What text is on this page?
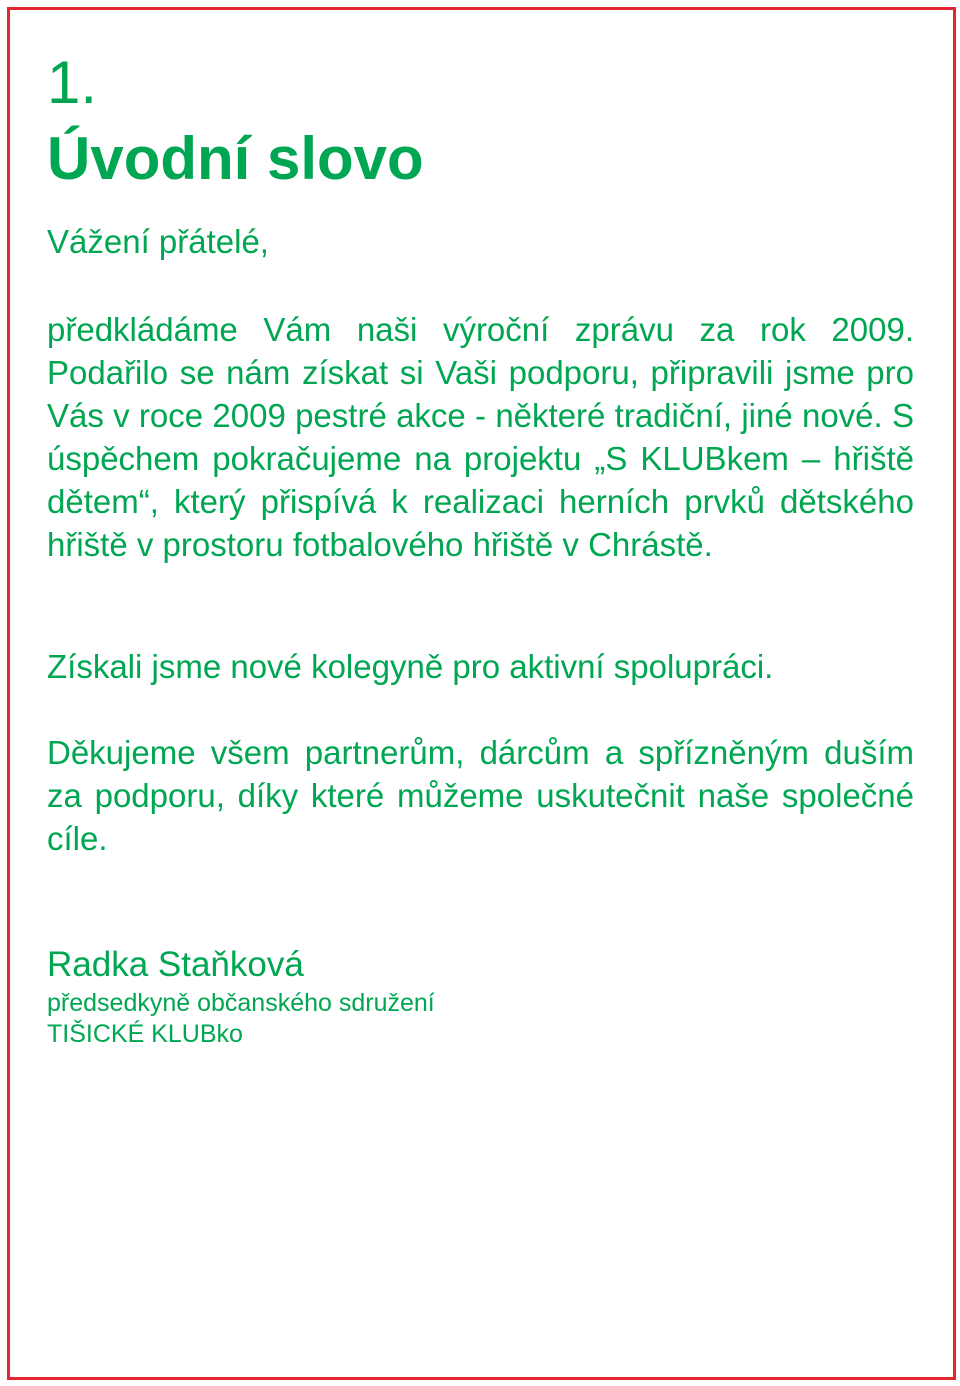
1.
Úvodní slovo

Vážení přátelé,

předkládáme Vám naši výroční zprávu za rok 2009. Podařilo se nám získat si Vaši podporu, připravili jsme pro Vás v roce 2009 pestré akce - některé tradiční, jiné nové. S úspěchem pokračujeme na projektu „S KLUBkem – hřiště dětem“, který přispívá k realizaci herních prvků dětského hřiště v prostoru fotbalového hřiště v Chrástě.

Získali jsme nové kolegyně pro aktivní spolupráci.

Děkujeme všem partnerům, dárcům a spřízněným duším za podporu, díky které můžeme uskutečnit naše společné cíle.

Radka Staňková

předsedkyně občanského sdružení

TIŠICKÉ KLUBko
